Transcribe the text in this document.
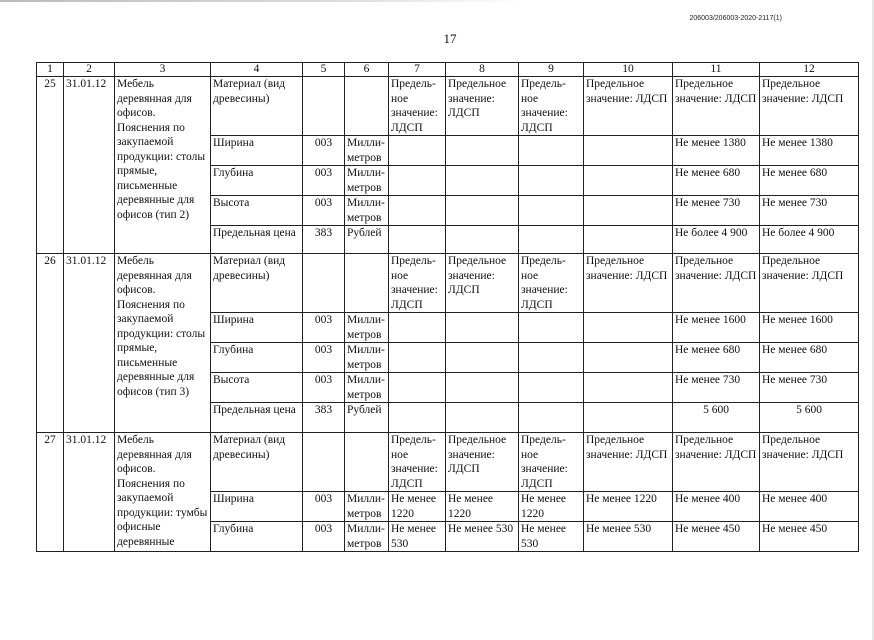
206003/206003-2020-2117(1)
17
1	2	3	4	5	6	7	8	9	10	11	12
25	31.01.12	Мебель деревянная для офисов. Пояснения по закупаемой продукции: столы прямые, письменные деревянные для офисов (тип 2)	Материал (вид древесины)			Предель-ное значение: ЛДСП	Предельное значение: ЛДСП	Предель-ное значение: ЛДСП	Предельное значение: ЛДСП	Предельное значение: ЛДСП	Предельное значение: ЛДСП
			Ширина	003	Милли-метров					Не менее 1380	Не менее 1380
			Глубина	003	Милли-метров					Не менее 680	Не менее 680
			Высота	003	Милли-метров					Не менее 730	Не менее 730
			Предельная цена	383	Рублей					Не более 4 900	Не более 4 900
26	31.01.12	Мебель деревянная для офисов. Пояснения по закупаемой продукции: столы прямые, письменные деревянные для офисов (тип 3)	Материал (вид древесины)			Предель-ное значение: ЛДСП	Предельное значение: ЛДСП	Предель-ное значение: ЛДСП	Предельное значение: ЛДСП	Предельное значение: ЛДСП	Предельное значение: ЛДСП
			Ширина	003	Милли-метров					Не менее 1600	Не менее 1600
			Глубина	003	Милли-метров					Не менее 680	Не менее 680
			Высота	003	Милли-метров					Не менее 730	Не менее 730
			Предельная цена	383	Рублей					5 600	5 600
27	31.01.12	Мебель деревянная для офисов. Пояснения по закупаемой продукции: тумбы офисные деревянные	Материал (вид древесины)			Предель-ное значение: ЛДСП	Предельное значение: ЛДСП	Предель-ное значение: ЛДСП	Предельное значение: ЛДСП	Предельное значение: ЛДСП	Предельное значение: ЛДСП
			Ширина	003	Милли-метров	Не менее 1220	Не менее 1220	Не менее 1220	Не менее 1220	Не менее 400	Не менее 400
			Глубина	003	Милли-метров	Не менее 530	Не менее 530	Не менее 530	Не менее 530	Не менее 450	Не менее 450
